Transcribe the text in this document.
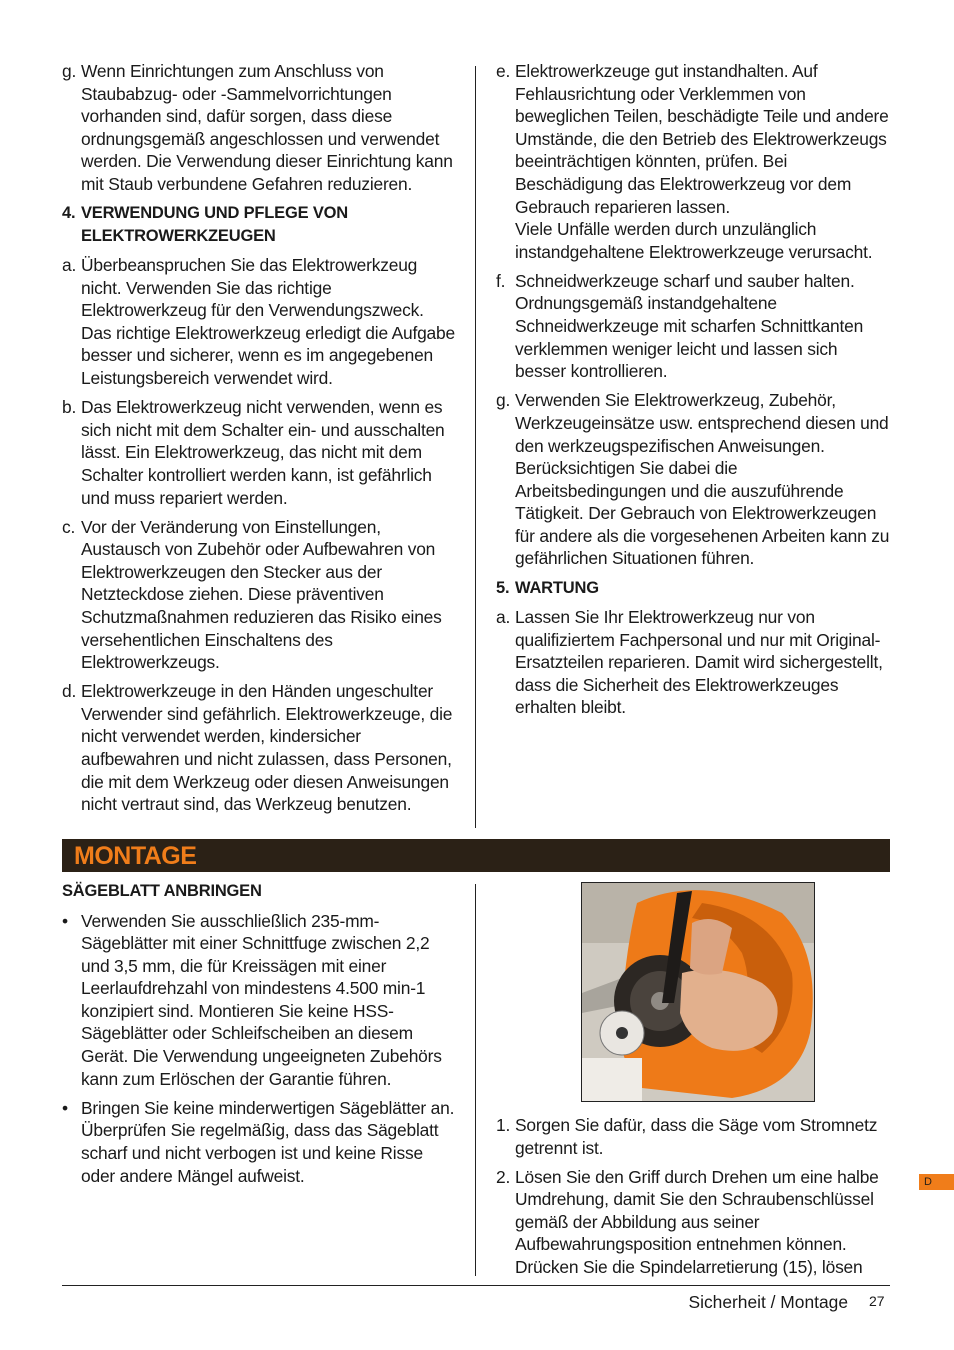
g. Wenn Einrichtungen zum Anschluss von Staubabzug- oder -Sammelvorrichtungen vorhanden sind, dafür sorgen, dass diese ordnungsgemäß angeschlossen und verwendet werden. Die Verwendung dieser Einrichtung kann mit Staub verbundene Gefahren reduzieren.
4. VERWENDUNG UND PFLEGE VON ELEKTROWERKZEUGEN
a. Überbeanspruchen Sie das Elektrowerkzeug nicht. Verwenden Sie das richtige Elektrowerkzeug für den Verwendungszweck. Das richtige Elektrowerkzeug erledigt die Aufgabe besser und sicherer, wenn es im angegebenen Leistungsbereich verwendet wird.
b. Das Elektrowerkzeug nicht verwenden, wenn es sich nicht mit dem Schalter ein- und ausschalten lässt. Ein Elektrowerkzeug, das nicht mit dem Schalter kontrolliert werden kann, ist gefährlich und muss repariert werden.
c. Vor der Veränderung von Einstellungen, Austausch von Zubehör oder Aufbewahren von Elektrowerkzeugen den Stecker aus der Netzteckdose ziehen. Diese präventiven Schutzmaßnahmen reduzieren das Risiko eines versehentlichen Einschaltens des Elektrowerkzeugs.
d. Elektrowerkzeuge in den Händen ungeschulter Verwender sind gefährlich. Elektrowerkzeuge, die nicht verwendet werden, kindersicher aufbewahren und nicht zulassen, dass Personen, die mit dem Werkzeug oder diesen Anweisungen nicht vertraut sind, das Werkzeug benutzen.
e. Elektrowerkzeuge gut instandhalten. Auf Fehlausrichtung oder Verklemmen von beweglichen Teilen, beschädigte Teile und andere Umstände, die den Betrieb des Elektrowerkzeugs beeinträchtigen könnten, prüfen. Bei Beschädigung das Elektrowerkzeug vor dem Gebrauch reparieren lassen.
Viele Unfälle werden durch unzulänglich instandgehaltene Elektrowerkzeuge verursacht.
f. Schneidwerkzeuge scharf und sauber halten. Ordnungsgemäß instandgehaltene Schneidwerkzeuge mit scharfen Schnittkanten verklemmen weniger leicht und lassen sich besser kontrollieren.
g. Verwenden Sie Elektrowerkzeug, Zubehör, Werkzeugeinsätze usw. entsprechend diesen und den werkzeugspezifischen Anweisungen. Berücksichtigen Sie dabei die Arbeitsbedingungen und die auszuführende Tätigkeit. Der Gebrauch von Elektrowerkzeugen für andere als die vorgesehenen Arbeiten kann zu gefährlichen Situationen führen.
5. WARTUNG
a. Lassen Sie Ihr Elektrowerkzeug nur von qualifiziertem Fachpersonal und nur mit Original-Ersatzteilen reparieren. Damit wird sichergestellt, dass die Sicherheit des Elektrowerkzeuges erhalten bleibt.
MONTAGE
SÄGEBLATT ANBRINGEN
• Verwenden Sie ausschließlich 235-mm-Sägeblätter mit einer Schnittfuge zwischen 2,2 und 3,5 mm, die für Kreissägen mit einer Leerlaufdrehzahl von mindestens 4.500 min-1 konzipiert sind. Montieren Sie keine HSS-Sägeblätter oder Schleifscheiben an diesem Gerät. Die Verwendung ungeeigneten Zubehörs kann zum Erlöschen der Garantie führen.
• Bringen Sie keine minderwertigen Sägeblätter an. Überprüfen Sie regelmäßig, dass das Sägeblatt scharf und nicht verbogen ist und keine Risse oder andere Mängel aufweist.
1. Sorgen Sie dafür, dass die Säge vom Stromnetz getrennt ist.
2. Lösen Sie den Griff durch Drehen um eine halbe Umdrehung, damit Sie den Schraubenschlüssel gemäß der Abbildung aus seiner Aufbewahrungsposition entnehmen können. Drücken Sie die Spindelarretierung (15), lösen
Sicherheit / Montage 27
D
